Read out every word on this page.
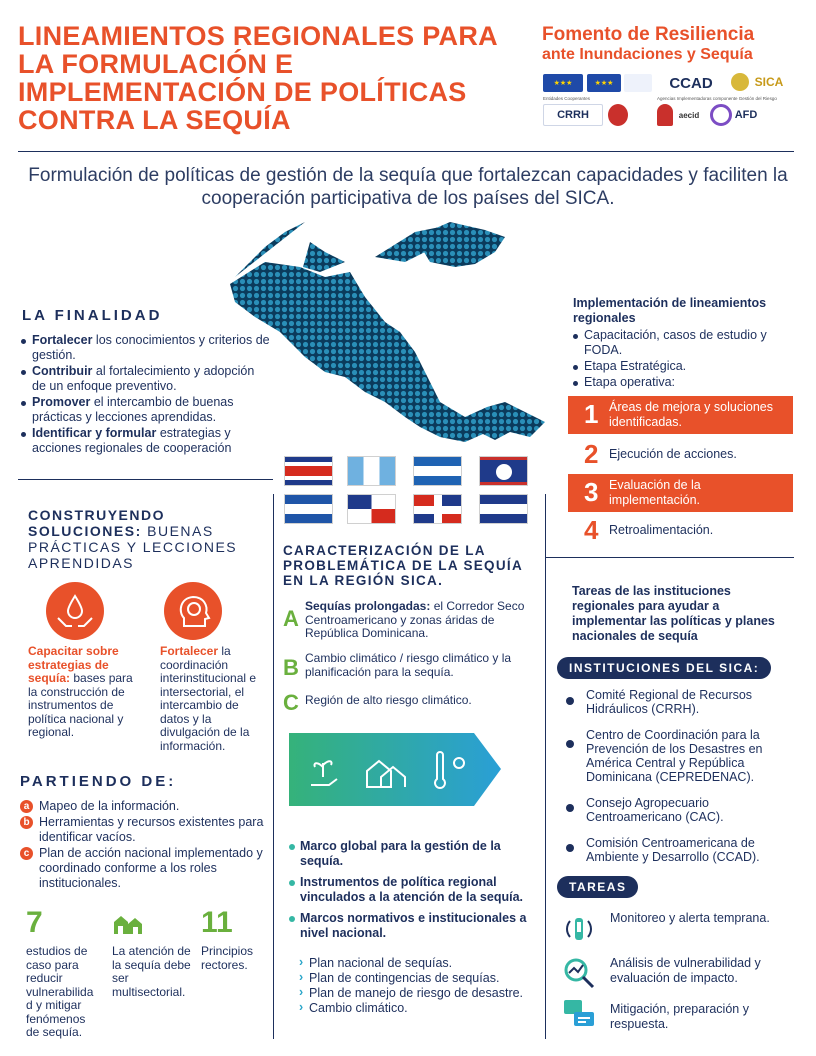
LINEAMIENTOS REGIONALES PARA LA FORMULACIÓN E IMPLEMENTACIÓN DE POLÍTICAS CONTRA LA SEQUÍA
Fomento de Resiliencia
ante Inundaciones y Sequía
★★★	★★★	CCAD	SICA
Entidades Cooperantes	Agencias Implementadoras componente Gestión del Riesgo
CRRH	aecid	AFD
Formulación de políticas de gestión de la sequía que fortalezcan capacidades y faciliten la cooperación participativa de los países del SICA.
LA FINALIDAD
Fortalecer los conocimientos y criterios de gestión.
Contribuir al fortalecimiento y adopción de un enfoque preventivo.
Promover el intercambio de buenas prácticas y lecciones aprendidas.
Identificar y formular estrategias y acciones regionales de cooperación
CONSTRUYENDO SOLUCIONES: BUENAS PRÁCTICAS Y LECCIONES APRENDIDAS
Capacitar sobre estrategias de sequía: bases para la construcción de instrumentos de política nacional y regional.
Fortalecer la coordinación interinstitucional e intersectorial, el intercambio de datos y la divulgación de la información.
PARTIENDO DE:
a Mapeo de la información.
b Herramientas y recursos existentes para identificar vacíos.
c Plan de acción nacional implementado y coordinado conforme a los roles institucionales.
7
estudios de caso para reducir vulnerabilida d y mitigar fenómenos de sequía.
La atención de la sequía debe ser multisectorial.
11
Principios rectores.
CARACTERIZACIÓN DE LA PROBLEMÁTICA DE LA SEQUÍA EN LA REGIÓN SICA.
A Sequías prolongadas: el Corredor Seco Centroamericano y zonas áridas de República Dominicana.
B Cambio climático / riesgo climático y la planificación para la sequía.
C Región de alto riesgo climático.
Marco global para la gestión de la sequía.
Instrumentos de política regional vinculados a la atención de la sequía.
Marcos normativos e institucionales a nivel nacional.
› Plan nacional de sequías.
› Plan de contingencias de sequías.
› Plan de manejo de riesgo de desastre.
› Cambio climático.
Implementación de lineamientos regionales
Capacitación, casos de estudio y FODA.
Etapa Estratégica.
Etapa operativa:
1 Áreas de mejora y soluciones identificadas.
2 Ejecución de acciones.
3 Evaluación de la implementación.
4 Retroalimentación.
Tareas de las instituciones regionales para ayudar a implementar las políticas y planes nacionales de sequía
INSTITUCIONES DEL SICA:
Comité Regional de Recursos Hidráulicos (CRRH).
Centro de Coordinación para la Prevención de los Desastres en América Central y República Dominicana (CEPREDENAC).
Consejo Agropecuario Centroamericano (CAC).
Comisión Centroamericana de Ambiente y Desarrollo (CCAD).
TAREAS
Monitoreo y alerta temprana.
Análisis de vulnerabilidad y evaluación de impacto.
Mitigación, preparación y respuesta.
